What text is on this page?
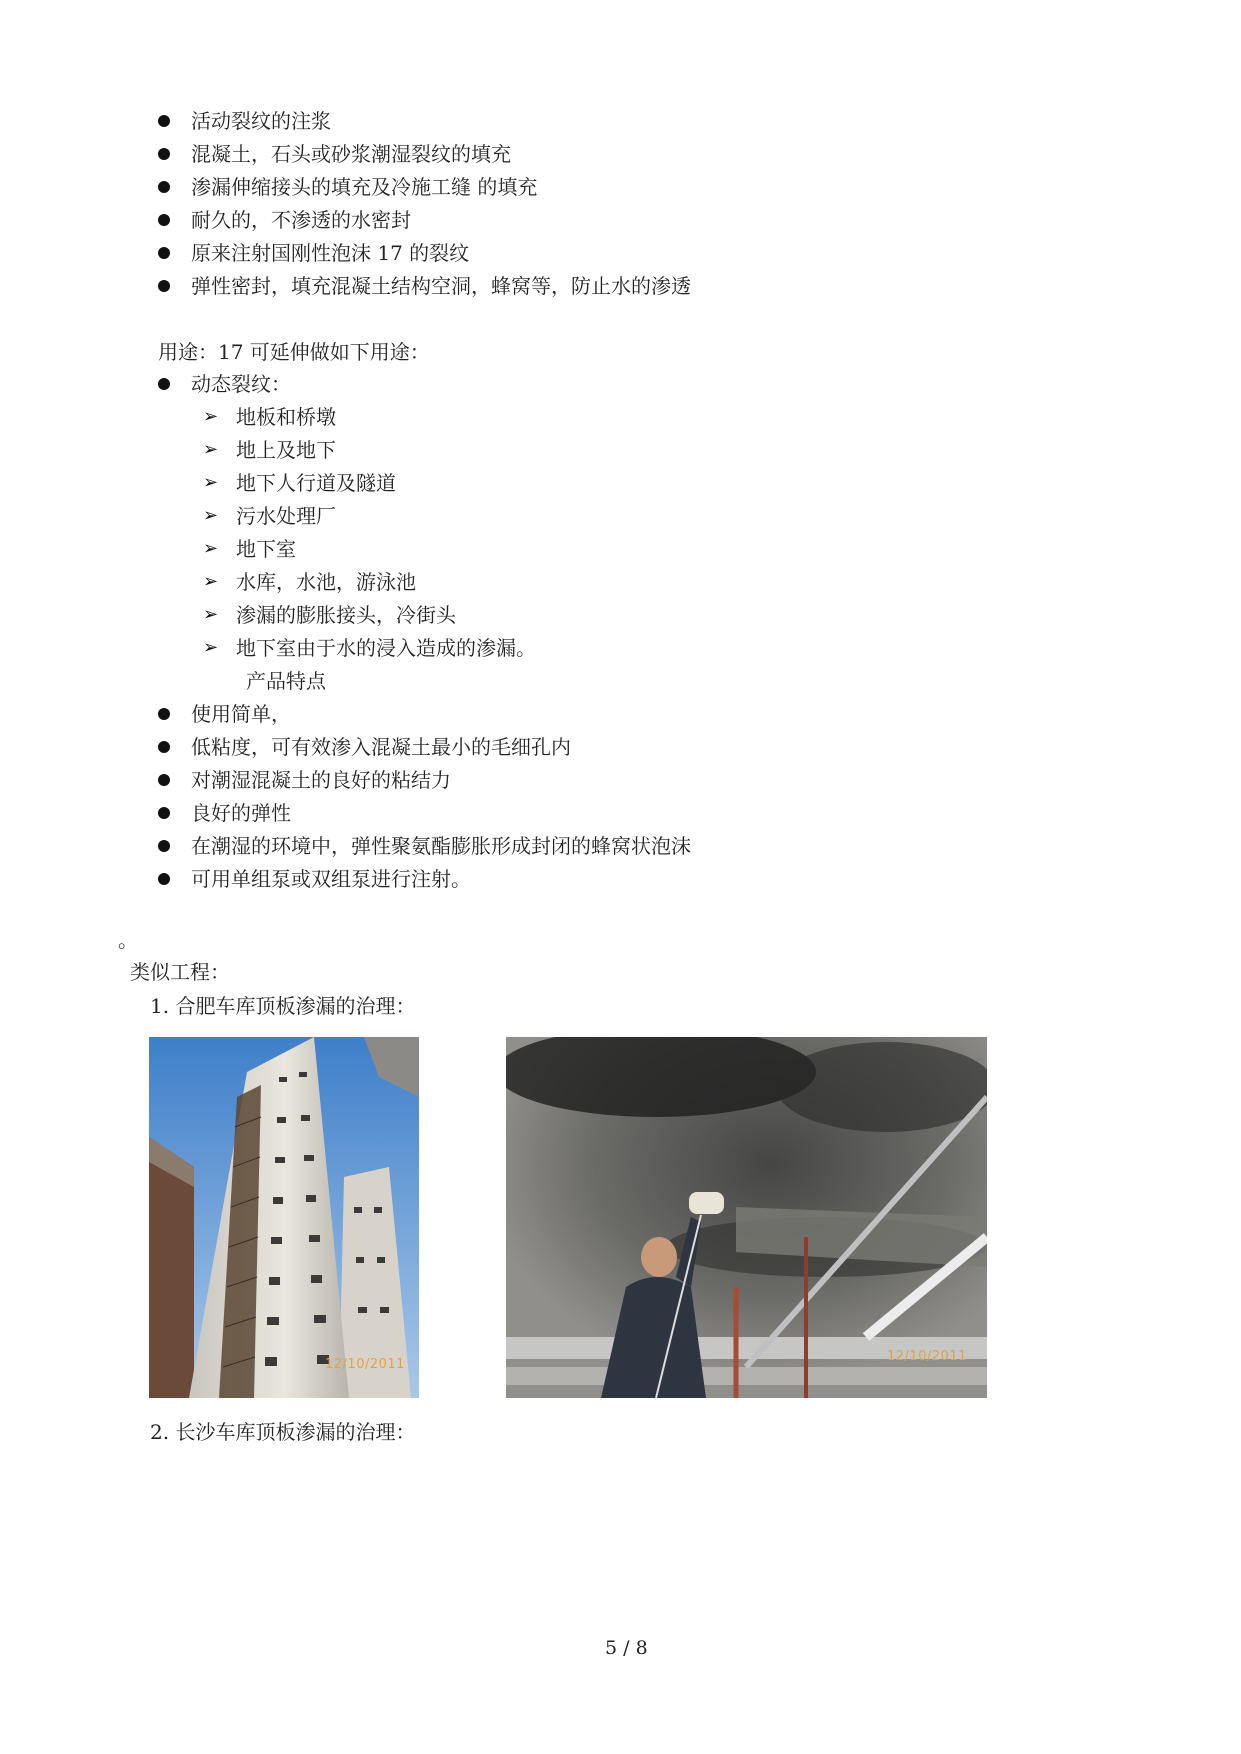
活动裂纹的注浆
混凝土，石头或砂浆潮湿裂纹的填充
渗漏伸缩接头的填充及冷施工缝 的填充
耐久的，不渗透的水密封
原来注射国刚性泡沫 17 的裂纹
弹性密封，填充混凝土结构空洞，蜂窝等，防止水的渗透
用途：17 可延伸做如下用途：
动态裂纹：
➢ 地板和桥墩
➢ 地上及地下
➢ 地下人行道及隧道
➢ 污水处理厂
➢ 地下室
➢ 水库，水池，游泳池
➢ 渗漏的膨胀接头，冷街头
➢ 地下室由于水的浸入造成的渗漏。
产品特点
使用简单，
低粘度，可有效渗入混凝土最小的毛细孔内
对潮湿混凝土的良好的粘结力
良好的弹性
在潮湿的环境中，弹性聚氨酯膨胀形成封闭的蜂窝状泡沫
可用单组泵或双组泵进行注射。
。
类似工程：
1. 合肥车库顶板渗漏的治理：
12/10/2011
12/10/2011
2. 长沙车库顶板渗漏的治理：
5 / 8
